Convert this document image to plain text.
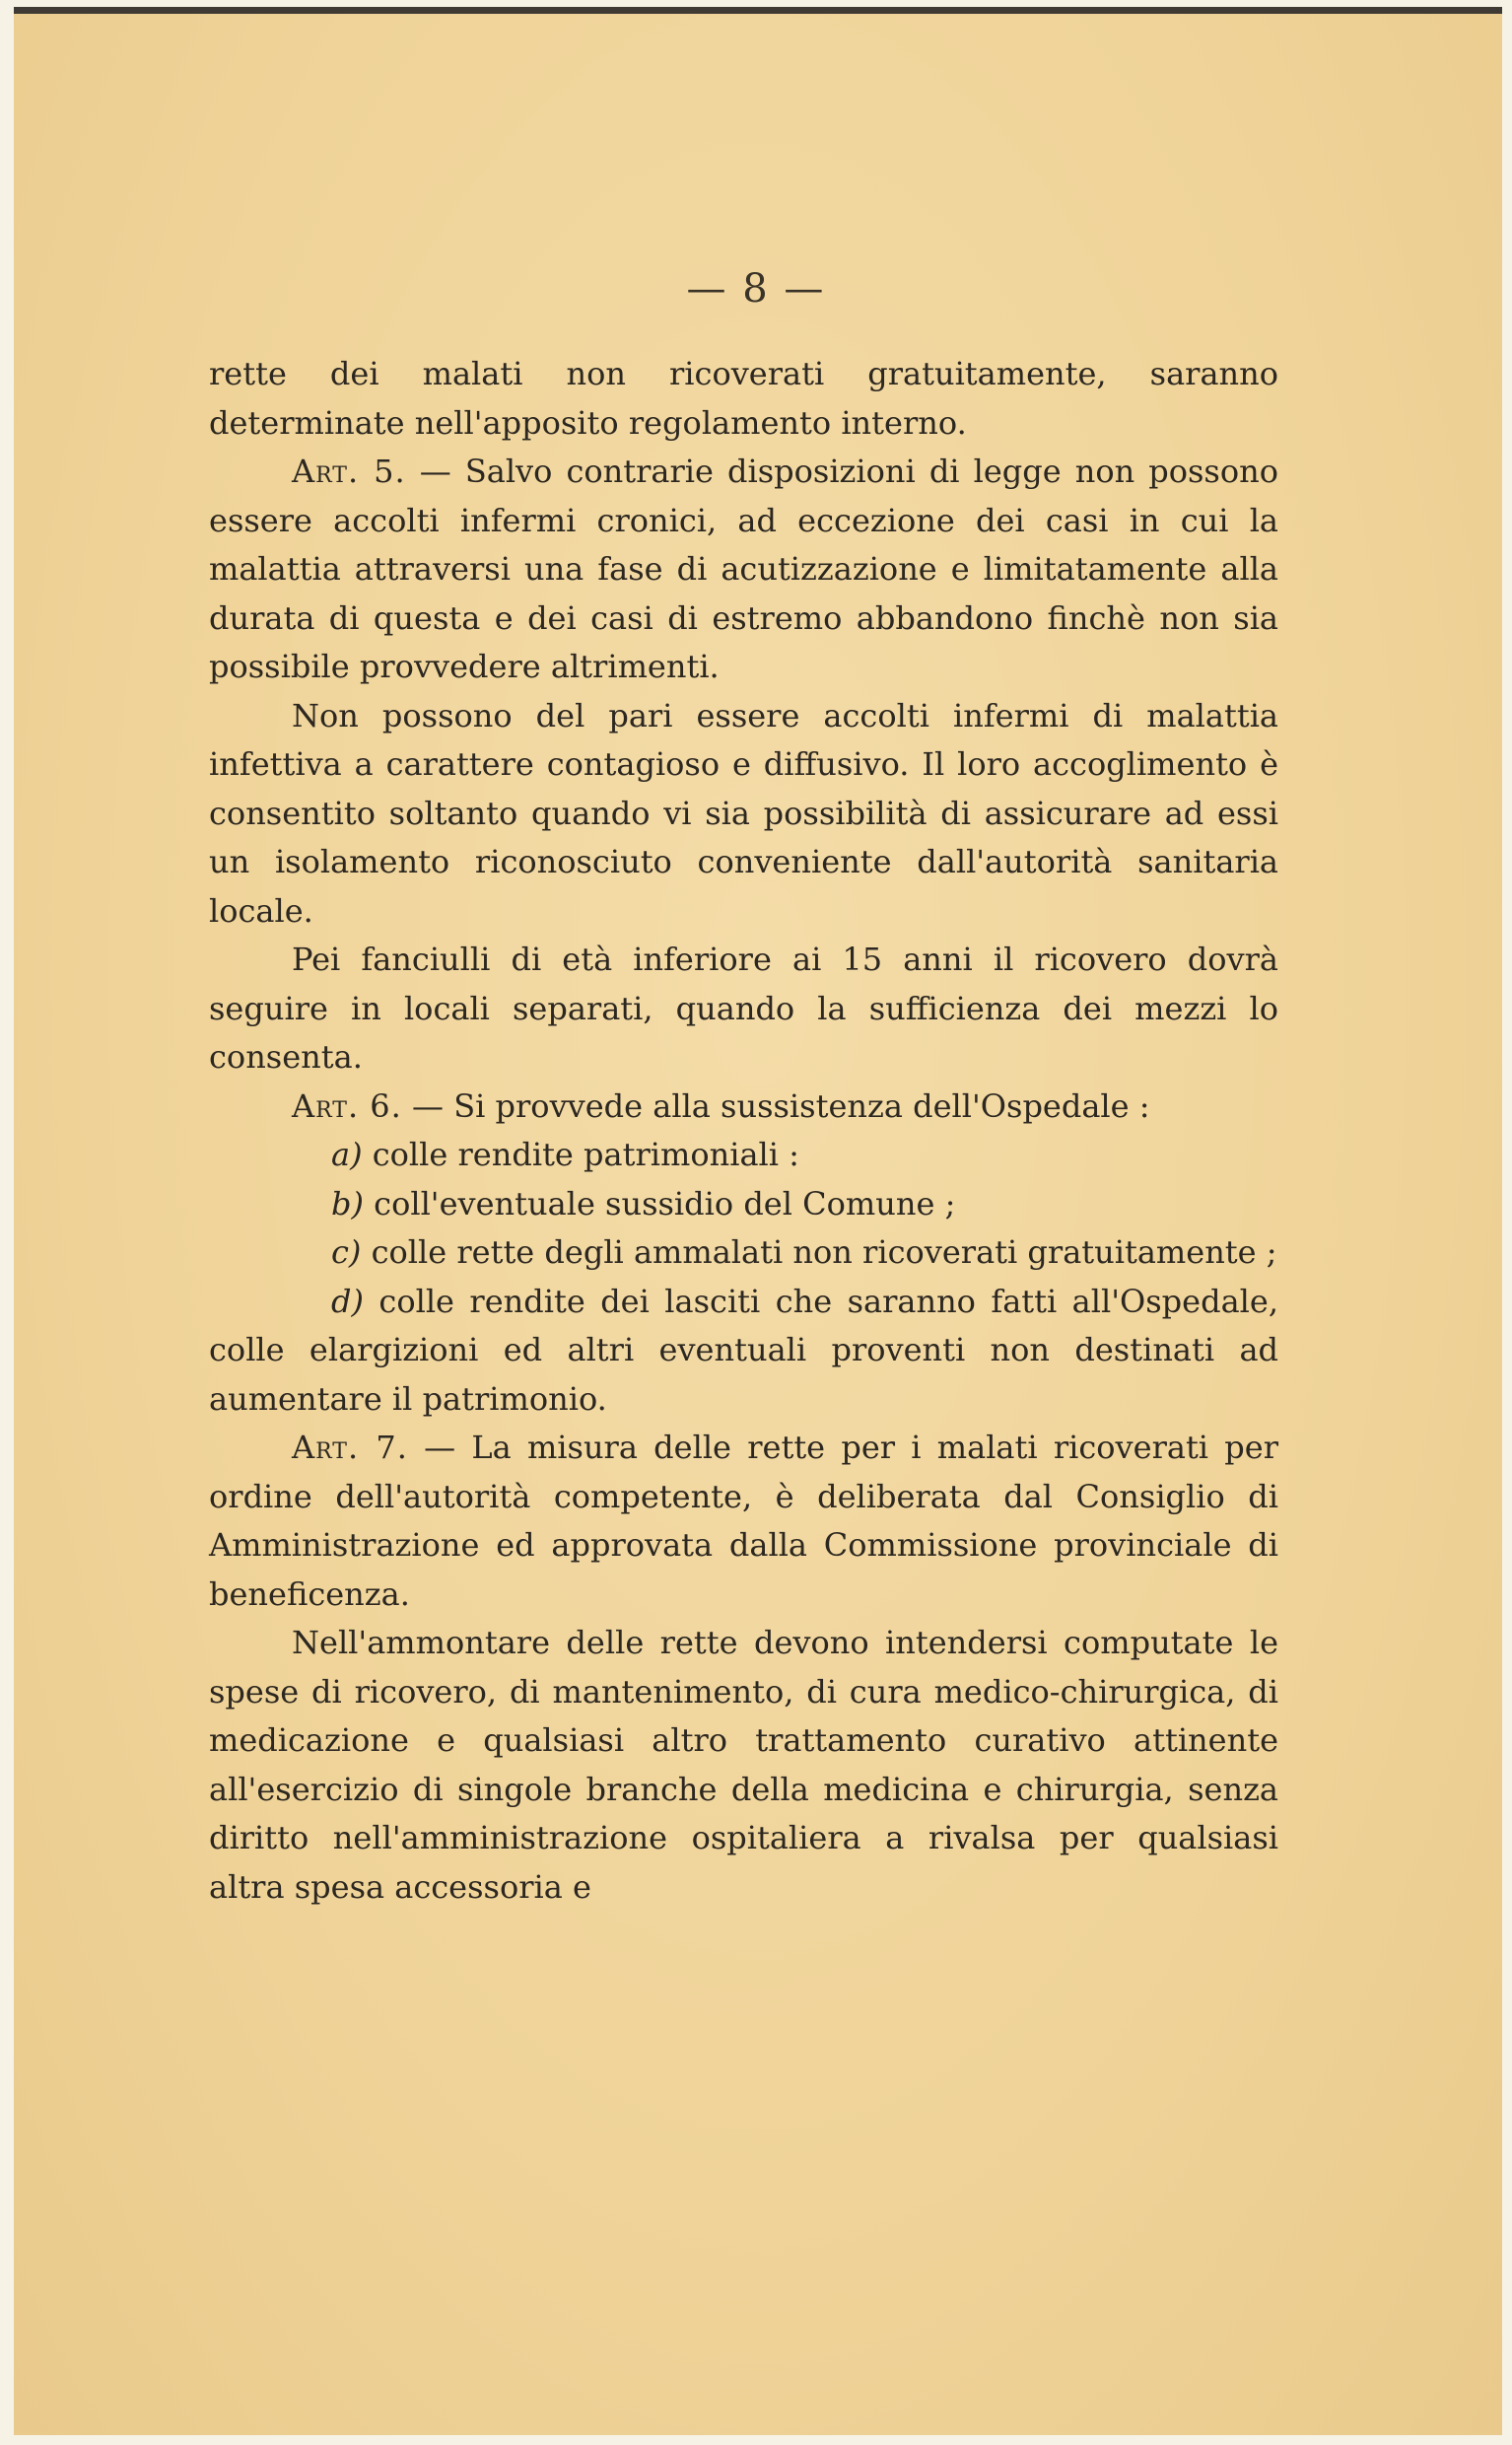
— 8 —

rette dei malati non ricoverati gratuitamente, saranno determinate nell'apposito regolamento interno.

Art. 5. — Salvo contrarie disposizioni di legge non possono essere accolti infermi cronici, ad eccezione dei casi in cui la malattia attraversi una fase di acutizzazione e limitatamente alla durata di questa e dei casi di estremo abbandono finchè non sia possibile provvedere altrimenti.

Non possono del pari essere accolti infermi di malattia infettiva a carattere contagioso e diffusivo. Il loro accoglimento è consentito soltanto quando vi sia possibilità di assicurare ad essi un isolamento riconosciuto conveniente dall'autorità sanitaria locale.

Pei fanciulli di età inferiore ai 15 anni il ricovero dovrà seguire in locali separati, quando la sufficienza dei mezzi lo consenta.

Art. 6. — Si provvede alla sussistenza dell'Ospedale :

a) colle rendite patrimoniali :

b) coll'eventuale sussidio del Comune ;

c) colle rette degli ammalati non ricoverati gratuitamente ;

d) colle rendite dei lasciti che saranno fatti all'Ospedale, colle elargizioni ed altri eventuali proventi non destinati ad aumentare il patrimonio.

Art. 7. — La misura delle rette per i malati ricoverati per ordine dell'autorità competente, è deliberata dal Consiglio di Amministrazione ed approvata dalla Commissione provinciale di beneficenza.

Nell'ammontare delle rette devono intendersi computate le spese di ricovero, di mantenimento, di cura medico-chirurgica, di medicazione e qualsiasi altro trattamento curativo attinente all'esercizio di singole branche della medicina e chirurgia, senza diritto nell'amministrazione ospitaliera a rivalsa per qualsiasi altra spesa accessoria e
